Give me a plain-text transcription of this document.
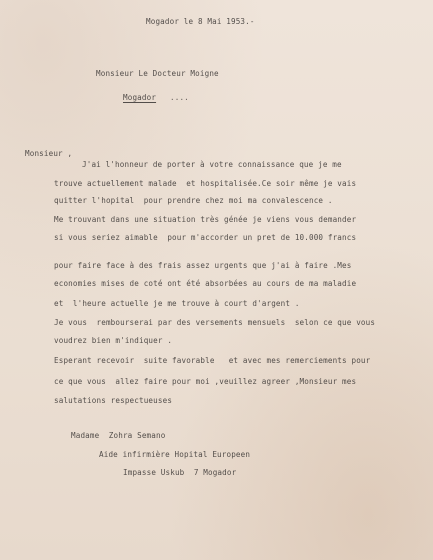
Mogador le 8 Mai 1953.-
Monsieur Le Docteur Moigne
Mogador ....
Monsieur ,
J'ai l'honneur de porter à votre connaissance que je me
trouve actuellement malade  et hospitalisée.Ce soir même je vais
quitter l'hopital  pour prendre chez moi ma convalescence .
Me trouvant dans une situation très génée je viens vous demander
si vous seriez aimable  pour m'accorder un pret de 10.000 francs
pour faire face à des frais assez urgents que j'ai à faire .Mes
economies mises de coté ont été absorbées au cours de ma maladie
et  l'heure actuelle je me trouve à court d'argent .
Je vous  rembourserai par des versements mensuels  selon ce que vous
voudrez bien m'indiquer .
Esperant recevoir  suite favorable   et avec mes remerciements pour
ce que vous  allez faire pour moi ,veuillez agreer ,Monsieur mes
salutations respectueuses
Madame  Zohra Semano
Aide infirmière Hopital Europeen
Impasse Uskub  7 Mogador
